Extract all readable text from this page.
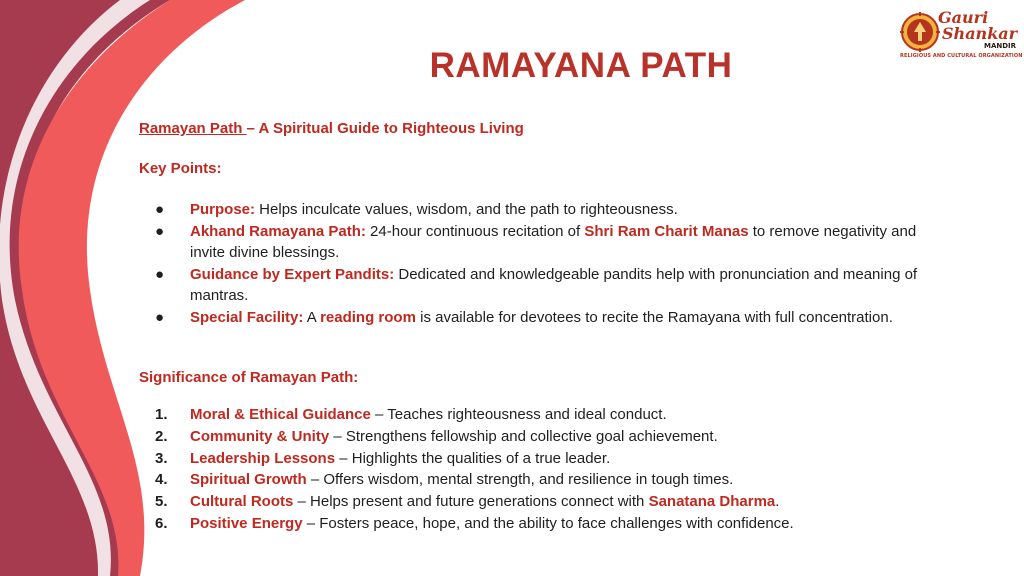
Gauri
Shankar
MANDIR
RELIGIOUS AND CULTURAL ORGANIZATION
RAMAYANA PATH
Ramayan Path – A Spiritual Guide to Righteous Living
Key Points:
● Purpose: Helps inculcate values, wisdom, and the path to righteousness.
● Akhand Ramayana Path: 24-hour continuous recitation of Shri Ram Charit Manas to remove negativity and invite divine blessings.
● Guidance by Expert Pandits: Dedicated and knowledgeable pandits help with pronunciation and meaning of mantras.
● Special Facility: A reading room is available for devotees to recite the Ramayana with full concentration.
Significance of Ramayan Path:
1. Moral & Ethical Guidance – Teaches righteousness and ideal conduct.
2. Community & Unity – Strengthens fellowship and collective goal achievement.
3. Leadership Lessons – Highlights the qualities of a true leader.
4. Spiritual Growth – Offers wisdom, mental strength, and resilience in tough times.
5. Cultural Roots – Helps present and future generations connect with Sanatana Dharma.
6. Positive Energy – Fosters peace, hope, and the ability to face challenges with confidence.
